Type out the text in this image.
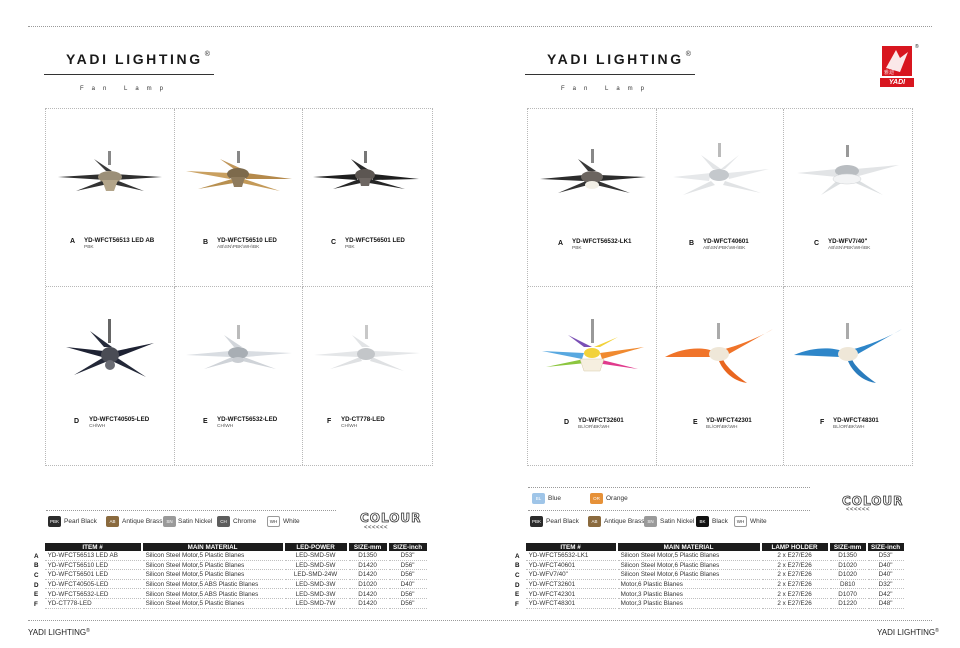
YADI LIGHTING ®
Fan Lamp
A YD-WFCT56513 LED AB
PBK
B YD-WFCT56510 LED
AB\SN\PBK\WH\BK
C YD-WFCT56501 LED
PBK
D YD-WFCT40505-LED
CH\WH
E YD-WFCT56532-LED
CH\WH
F YD-CT778-LED
CH\WH
PBK Pearl Black	AB	Antique Brass SN Satin Nickel	CH Chrome	WH White	COLOUR
<<<<<<
	ITEM #	MAIN MATERIAL	LED-POWER	SIZE-mm	SIZE-inch
A	YD-WFCT56513 LED AB	Silicon Steel Motor,5 Plastic Blanes	LED-SMD-5W	D1350	D53"
B	YD-WFCT56510 LED	Silicon Steel Motor,5 Plastic Blanes	LED-SMD-5W	D1420	D56"
C	YD-WFCT56501 LED	Silicon Steel Motor,5 Plastic Blanes	LED-SMD-24W	D1420	D56"
D	YD-WFCT40505-LED	Silicon Steel Motor,5 ABS Plastic Blanes	LED-SMD-3W	D1020	D40"
E	YD-WFCT56532-LED	Silicon Steel Motor,5 ABS Plastic Blanes	LED-SMD-3W	D1420	D56"
F	YD-CT778-LED	Silicon Steel Motor,5 Plastic Blanes	LED-SMD-7W	D1420	D56"
YADI LIGHTING ®
Fan Lamp
雅迪
YADI
®
A YD-WFCT56532-LK1
PBK
B YD-WFCT40601
AB\SN\PBK\WH\BK
C YD-WFV7/40"
AB\SN\PBK\WH\BK
D YD-WFCT32601
BL\OR\BK\WH
E YD-WFCT42301
BL\OR\BK\WH
F YD-WFCT48301
BL\OR\BK\WH
BL	Blue	OR Orange
PBK Pearl Black	AB	Antique Brass SN Satin Nickel	BK	Black	WH White
COLOUR
<<<<<<
	ITEM #	MAIN MATERIAL	LAMP HOLDER	SIZE-mm	SIZE-inch
A	YD-WFCT56532-LK1	Silicon Steel Motor,5 Plastic Blanes	2 x E27/E26	D1350	D53"
B	YD-WFCT40601	Silicon Steel Motor,6 Plastic Blanes	2 x E27/E26	D1020	D40"
C	YD-WFV7/40"	Silicon Steel Motor,6 Plastic Blanes	2 x E27/E26	D1020	D40"
D	YD-WFCT32601	Motor,6 Plastic Blanes	2 x E27/E26	D810	D32"
E	YD-WFCT42301	Motor,3 Plastic Blanes	2 x E27/E26	D1070	D42"
F	YD-WFCT48301	Motor,3 Plastic Blanes	2 x E27/E26	D1220	D48"
YADI LIGHTING®	YADI LIGHTING®
